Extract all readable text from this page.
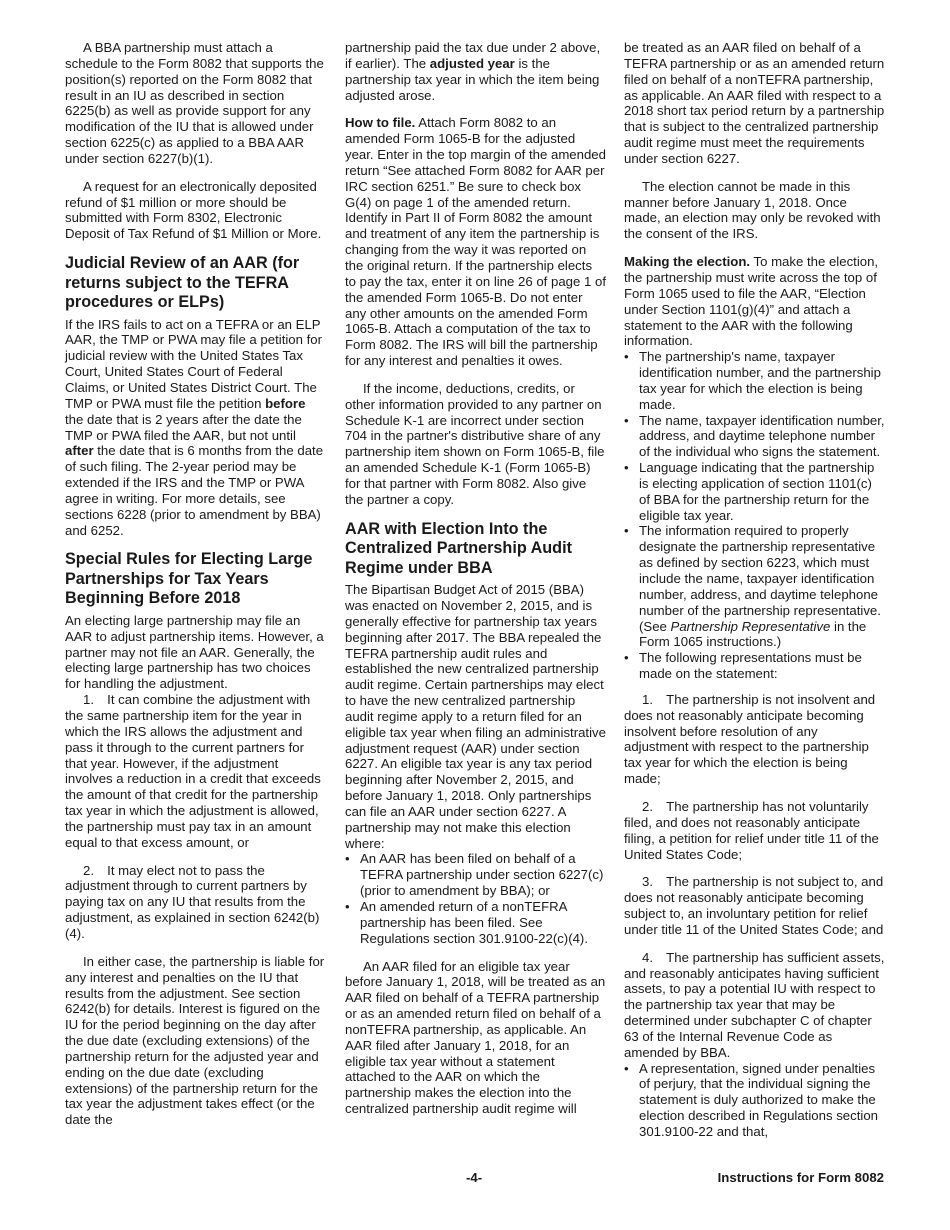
A BBA partnership must attach a schedule to the Form 8082 that supports the position(s) reported on the Form 8082 that result in an IU as described in section 6225(b) as well as provide support for any modification of the IU that is allowed under section 6225(c) as applied to a BBA AAR under section 6227(b)(1).

A request for an electronically deposited refund of $1 million or more should be submitted with Form 8302, Electronic Deposit of Tax Refund of $1 Million or More.

Judicial Review of an AAR (for returns subject to the TEFRA procedures or ELPs)

If the IRS fails to act on a TEFRA or an ELP AAR, the TMP or PWA may file a petition for judicial review with the United States Tax Court, United States Court of Federal Claims, or United States District Court. The TMP or PWA must file the petition before the date that is 2 years after the date the TMP or PWA filed the AAR, but not until after the date that is 6 months from the date of such filing. The 2-year period may be extended if the IRS and the TMP or PWA agree in writing. For more details, see sections 6228 (prior to amendment by BBA) and 6252.

Special Rules for Electing Large Partnerships for Tax Years Beginning Before 2018

An electing large partnership may file an AAR to adjust partnership items. However, a partner may not file an AAR. Generally, the electing large partnership has two choices for handling the adjustment.

1. It can combine the adjustment with the same partnership item for the year in which the IRS allows the adjustment and pass it through to the current partners for that year. However, if the adjustment involves a reduction in a credit that exceeds the amount of that credit for the partnership tax year in which the adjustment is allowed, the partnership must pay tax in an amount equal to that excess amount, or

2. It may elect not to pass the adjustment through to current partners by paying tax on any IU that results from the adjustment, as explained in section 6242(b)(4).

In either case, the partnership is liable for any interest and penalties on the IU that results from the adjustment. See section 6242(b) for details. Interest is figured on the IU for the period beginning on the day after the due date (excluding extensions) of the partnership return for the adjusted year and ending on the due date (excluding extensions) of the partnership return for the tax year the adjustment takes effect (or the date the

partnership paid the tax due under 2 above, if earlier). The adjusted year is the partnership tax year in which the item being adjusted arose.

How to file. Attach Form 8082 to an amended Form 1065-B for the adjusted year. Enter in the top margin of the amended return “See attached Form 8082 for AAR per IRC section 6251.” Be sure to check box G(4) on page 1 of the amended return. Identify in Part II of Form 8082 the amount and treatment of any item the partnership is changing from the way it was reported on the original return. If the partnership elects to pay the tax, enter it on line 26 of page 1 of the amended Form 1065-B. Do not enter any other amounts on the amended Form 1065-B. Attach a computation of the tax to Form 8082. The IRS will bill the partnership for any interest and penalties it owes.

If the income, deductions, credits, or other information provided to any partner on Schedule K-1 are incorrect under section 704 in the partner's distributive share of any partnership item shown on Form 1065-B, file an amended Schedule K-1 (Form 1065-B) for that partner with Form 8082. Also give the partner a copy.

AAR with Election Into the Centralized Partnership Audit Regime under BBA

The Bipartisan Budget Act of 2015 (BBA) was enacted on November 2, 2015, and is generally effective for partnership tax years beginning after 2017. The BBA repealed the TEFRA partnership audit rules and established the new centralized partnership audit regime. Certain partnerships may elect to have the new centralized partnership audit regime apply to a return filed for an eligible tax year when filing an administrative adjustment request (AAR) under section 6227. An eligible tax year is any tax period beginning after November 2, 2015, and before January 1, 2018. Only partnerships can file an AAR under section 6227. A partnership may not make this election where:

• An AAR has been filed on behalf of a TEFRA partnership under section 6227(c) (prior to amendment by BBA); or

• An amended return of a nonTEFRA partnership has been filed. See Regulations section 301.9100-22(c)(4).

An AAR filed for an eligible tax year before January 1, 2018, will be treated as an AAR filed on behalf of a TEFRA partnership or as an amended return filed on behalf of a nonTEFRA partnership, as applicable. An AAR filed after January 1, 2018, for an eligible tax year without a statement attached to the AAR on which the partnership makes the election into the centralized partnership audit regime will

be treated as an AAR filed on behalf of a TEFRA partnership or as an amended return filed on behalf of a nonTEFRA partnership, as applicable. An AAR filed with respect to a 2018 short tax period return by a partnership that is subject to the centralized partnership audit regime must meet the requirements under section 6227.

The election cannot be made in this manner before January 1, 2018. Once made, an election may only be revoked with the consent of the IRS.

Making the election. To make the election, the partnership must write across the top of Form 1065 used to file the AAR, “Election under Section 1101(g)(4)” and attach a statement to the AAR with the following information.

• The partnership's name, taxpayer identification number, and the partnership tax year for which the election is being made.

• The name, taxpayer identification number, address, and daytime telephone number of the individual who signs the statement.

• Language indicating that the partnership is electing application of section 1101(c) of BBA for the partnership return for the eligible tax year.

• The information required to properly designate the partnership representative as defined by section 6223, which must include the name, taxpayer identification number, address, and daytime telephone number of the partnership representative. (See Partnership Representative in the Form 1065 instructions.)

• The following representations must be made on the statement:

1. The partnership is not insolvent and does not reasonably anticipate becoming insolvent before resolution of any adjustment with respect to the partnership tax year for which the election is being made;

2. The partnership has not voluntarily filed, and does not reasonably anticipate filing, a petition for relief under title 11 of the United States Code;

3. The partnership is not subject to, and does not reasonably anticipate becoming subject to, an involuntary petition for relief under title 11 of the United States Code; and

4. The partnership has sufficient assets, and reasonably anticipates having sufficient assets, to pay a potential IU with respect to the partnership tax year that may be determined under subchapter C of chapter 63 of the Internal Revenue Code as amended by BBA.

• A representation, signed under penalties of perjury, that the individual signing the statement is duly authorized to make the election described in Regulations section 301.9100-22 and that,

-4-	Instructions for Form 8082
